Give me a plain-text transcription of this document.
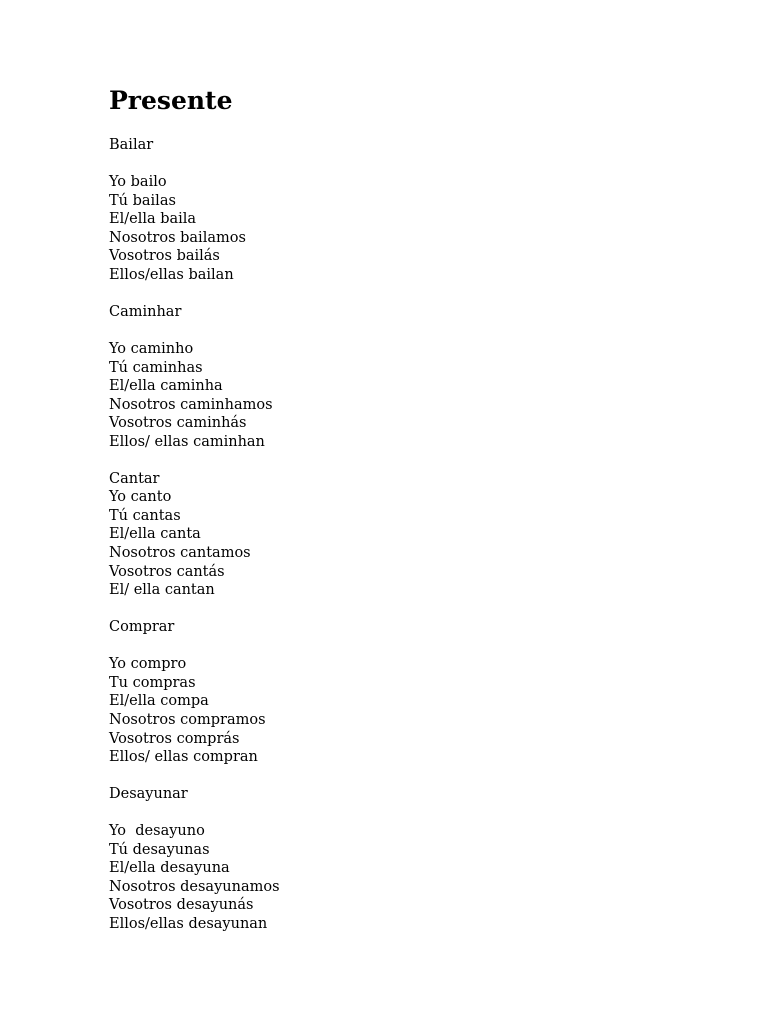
Presente
Bailar
Yo bailo
Tú bailas
El/ella baila
Nosotros bailamos
Vosotros bailás
Ellos/ellas bailan
Caminhar
Yo caminho
Tú caminhas
El/ella caminha
Nosotros caminhamos
Vosotros caminhás
Ellos/ ellas caminhan
Cantar
Yo canto
Tú cantas
El/ella canta
Nosotros cantamos
Vosotros cantás
El/ ella cantan
Comprar
Yo compro
Tu compras
El/ella compa
Nosotros compramos
Vosotros comprás
Ellos/ ellas compran
Desayunar
Yo  desayuno
Tú desayunas
El/ella desayuna
Nosotros desayunamos
Vosotros desayunás
Ellos/ellas desayunan
